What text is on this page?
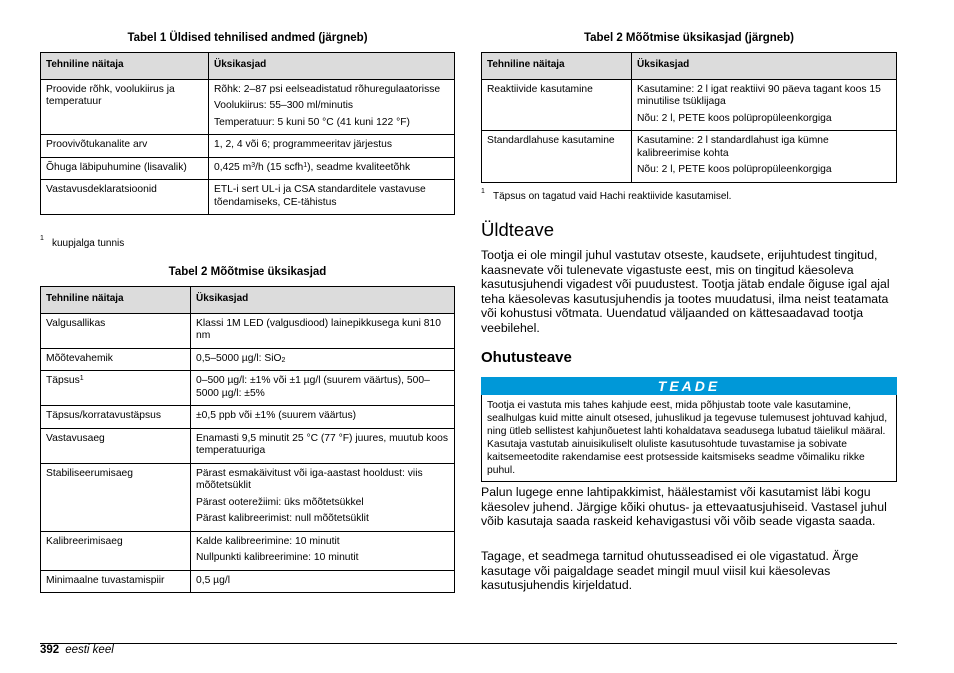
Tabel 1 Üldised tehnilised andmed (järgneb)
Tehniline näitaja	Üksikasjad
Proovide rõhk, voolukiirus ja temperatuur	Rõhk: 2–87 psi eelseadistatud rõhuregulaatorisse

Voolukiirus: 55–300 ml/minutis

Temperatuur: 5 kuni 50 °C (41 kuni 122 °F)

Proovivõtukanalite arv	1, 2, 4 või 6; programmeeritav järjestus
Õhuga läbipuhumine (lisavalik)	0,425 $m^3/h$ (15 scfh$^1$), seadme kvaliteetõhk
Vastavusdeklaratsioonid	ETL-i sert UL-i ja CSA standarditele vastavuse tõendamiseks, CE-tähistus
1 kuupjalga tunnis
Tabel 2 Mõõtmise üksikasjad
Tehniline näitaja	Üksikasjad
Valgusallikas	Klassi 1M LED (valgusdiood) lainepikkusega kuni 810 nm
Mõõtevahemik	0,5–5000 µg/l: SiO$_2$
Täpsus$^1$	0–500 µg/l: ±1% või ±1 µg/l (suurem väärtus), 500–5000 µg/l: ±5%
Täpsus/korratavustäpsus	±0,5 ppb või ±1% (suurem väärtus)
Vastavusaeg	Enamasti 9,5 minutit 25 °C (77 °F) juures, muutub koos temperatuuriga
Stabiliseerumisaeg	Pärast esmakäivitust või iga-aastast hooldust: viis mõõtetsüklit

Pärast ooterežiimi: üks mõõtetsükkel

Pärast kalibreerimist: null mõõtetsüklit

Kalibreerimisaeg	Kalde kalibreerimine: 10 minutit

Nullpunkti kalibreerimine: 10 minutit

Minimaalne tuvastamispiir	0,5 µg/l
Tabel 2 Mõõtmise üksikasjad (järgneb)
Tehniline näitaja	Üksikasjad
Reaktiivide kasutamine	Kasutamine: 2 l igat reaktiivi 90 päeva tagant koos 15 minutilise tsüklijaga

Nõu: 2 l, PETE koos polüpropüleenkorgiga

Standardlahuse kasutamine	Kasutamine: 2 l standardlahust iga kümne kalibreerimise kohta

Nõu: 2 l, PETE koos polüpropüleenkorgiga

1 Täpsus on tagatud vaid Hachi reaktiivide kasutamisel.
Üldteave

Tootja ei ole mingil juhul vastutav otseste, kaudsete, erijuhtudest tingitud, kaasnevate või tulenevate vigastuste eest, mis on tingitud käesoleva kasutusjuhendi vigadest või puudustest. Tootja jätab endale õiguse igal ajal teha käesolevas kasutusjuhendis ja tootes muudatusi, ilma neist teatamata või kohustusi võtmata. Uuendatud väljaanded on kättesaadavad tootja veebilehel.

Ohutusteave
TEADE
Tootja ei vastuta mis tahes kahjude eest, mida põhjustab toote vale kasutamine, sealhulgas kuid mitte ainult otsesed, juhuslikud ja tegevuse tulemusest johtuvad kahjud, ning ütleb sellistest kahjunõuetest lahti kohaldatava seadusega lubatud täielikul määral. Kasutaja vastutab ainuisikuliselt oluliste kasutusohtude tuvastamise ja sobivate kaitsemeetodite rakendamise eest protsesside kaitsmiseks seadme võimaliku rikke puhul.

Palun lugege enne lahtipakkimist, häälestamist või kasutamist läbi kogu käesolev juhend. Järgige kõiki ohutus- ja ettevaatusjuhiseid. Vastasel juhul võib kasutaja saada raskeid kehavigastusi või võib seade vigasta saada.

Tagage, et seadmega tarnitud ohutusseadised ei ole vigastatud. Ärge kasutage või paigaldage seadet mingil muul viisil kui käesolevas kasutusjuhendis kirjeldatud.

392 eesti keel
